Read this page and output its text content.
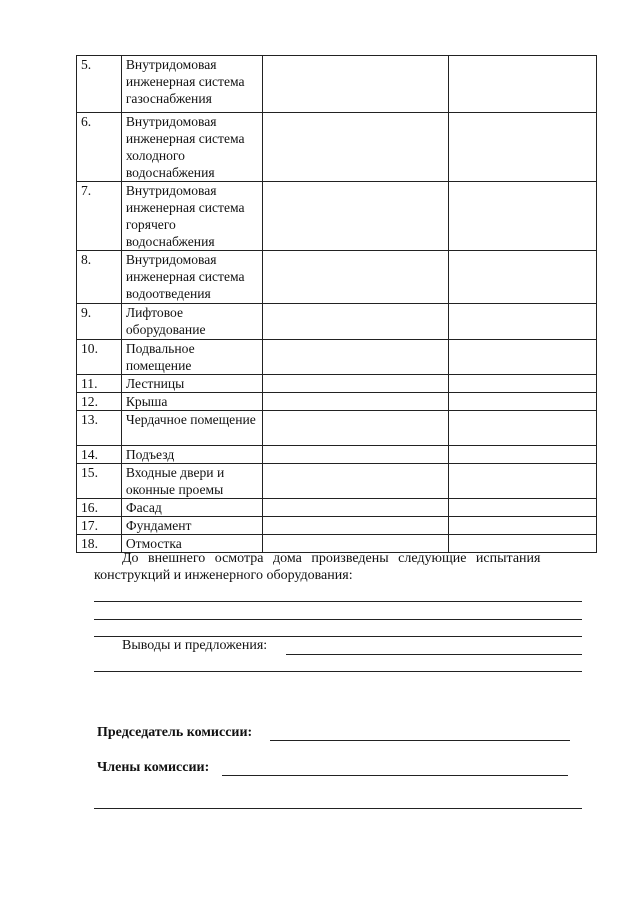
5.	Внутридомовая инженерная система газоснабжения		
6.	Внутридомовая инженерная система холодного водоснабжения		
7.	Внутридомовая инженерная система горячего водоснабжения		
8.	Внутридомовая инженерная система водоотведения		
9.	Лифтовое оборудование		
10.	Подвальное помещение		
11.	Лестницы		
12.	Крыша		
13.	Чердачное помещение		
14.	Подъезд		
15.	Входные двери и оконные проемы		
16.	Фасад		
17.	Фундамент		
18.	Отмостка		
До внешнего осмотра дома произведены следующие испытания
конструкций и инженерного оборудования:
Выводы и предложения:
Председатель комиссии:
Члены комиссии:
